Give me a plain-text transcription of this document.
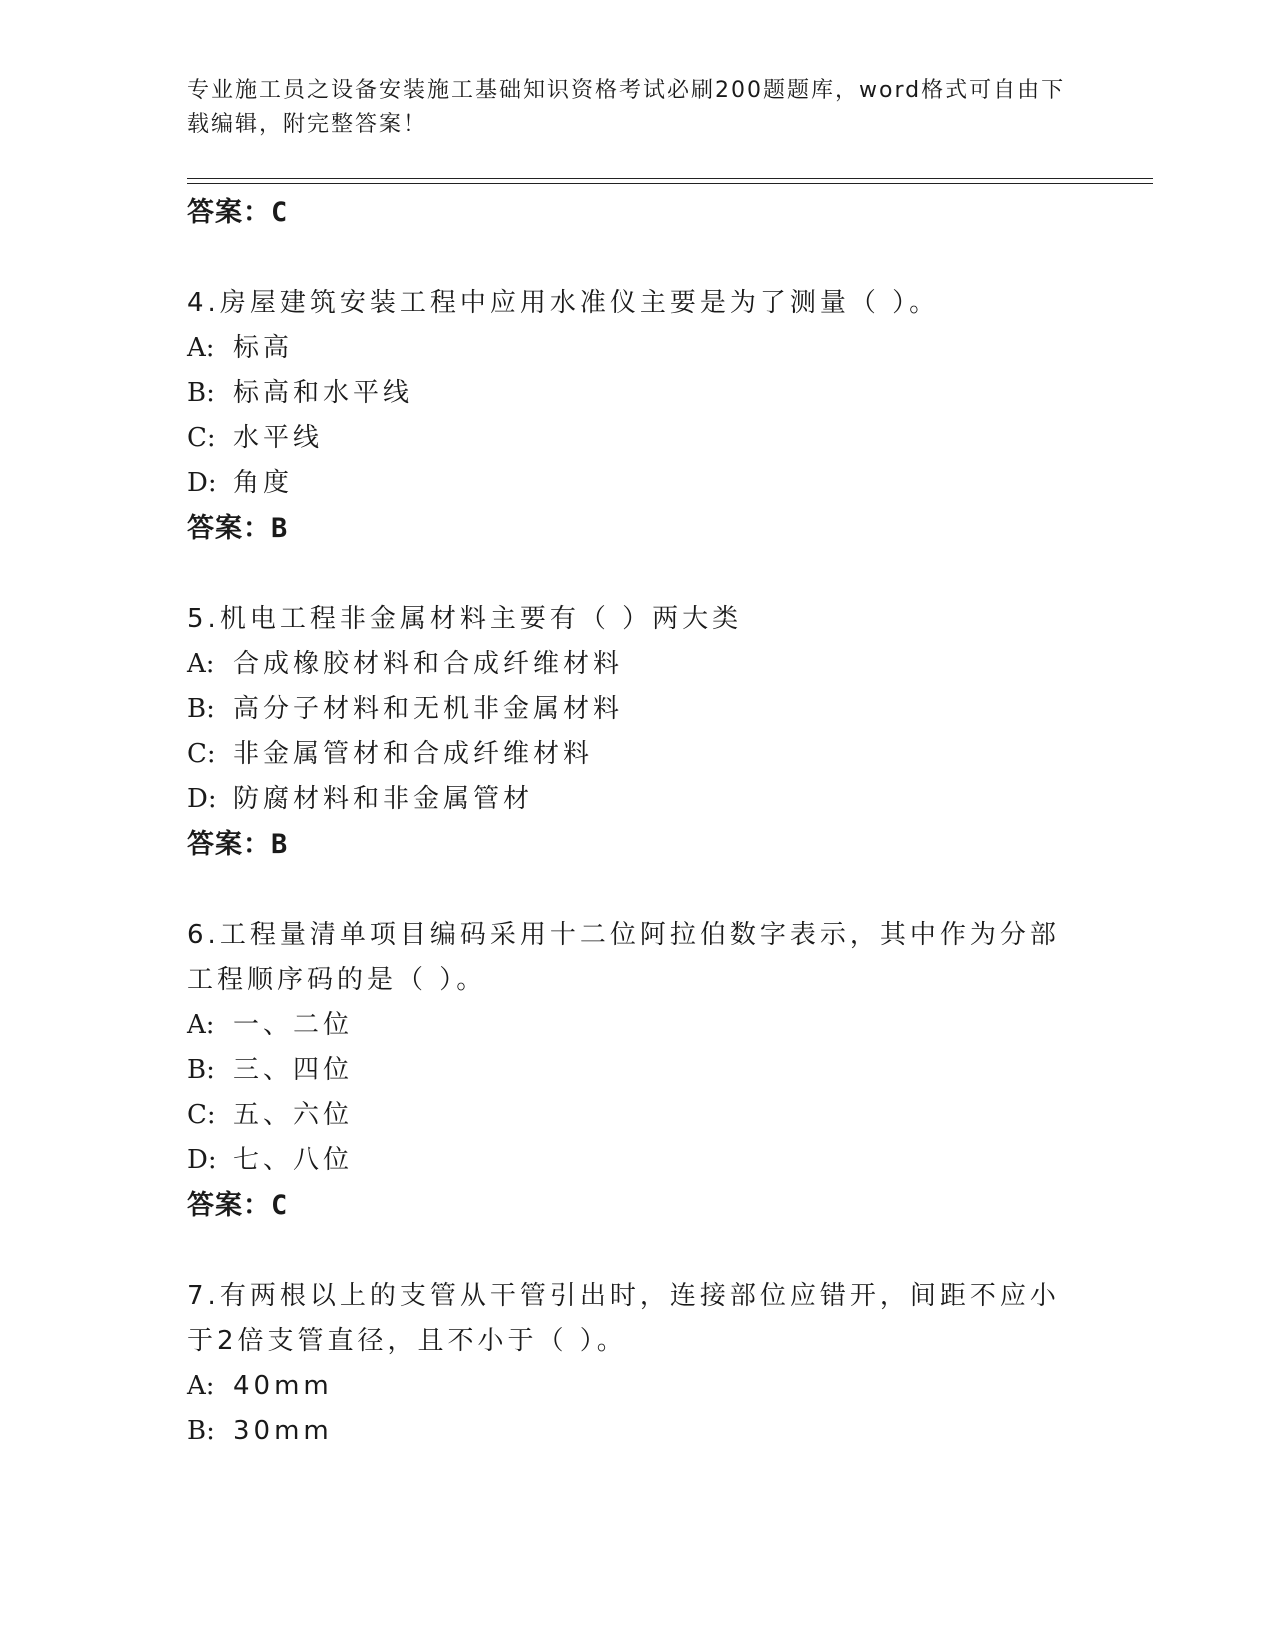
专业施工员之设备安装施工基础知识资格考试必刷200题题库，word格式可自由下载编辑，附完整答案！
答案：C
4.房屋建筑安装工程中应用水准仪主要是为了测量（ ）。
A: 标高
B: 标高和水平线
C: 水平线
D: 角度
答案：B
5.机电工程非金属材料主要有（ ）两大类
A: 合成橡胶材料和合成纤维材料
B: 高分子材料和无机非金属材料
C: 非金属管材和合成纤维材料
D: 防腐材料和非金属管材
答案：B
6.工程量清单项目编码采用十二位阿拉伯数字表示，其中作为分部工程顺序码的是（ ）。
A: 一、二位
B: 三、四位
C: 五、六位
D: 七、八位
答案：C
7.有两根以上的支管从干管引出时，连接部位应错开，间距不应小于2倍支管直径，且不小于（ ）。
A: 40mm
B: 30mm
